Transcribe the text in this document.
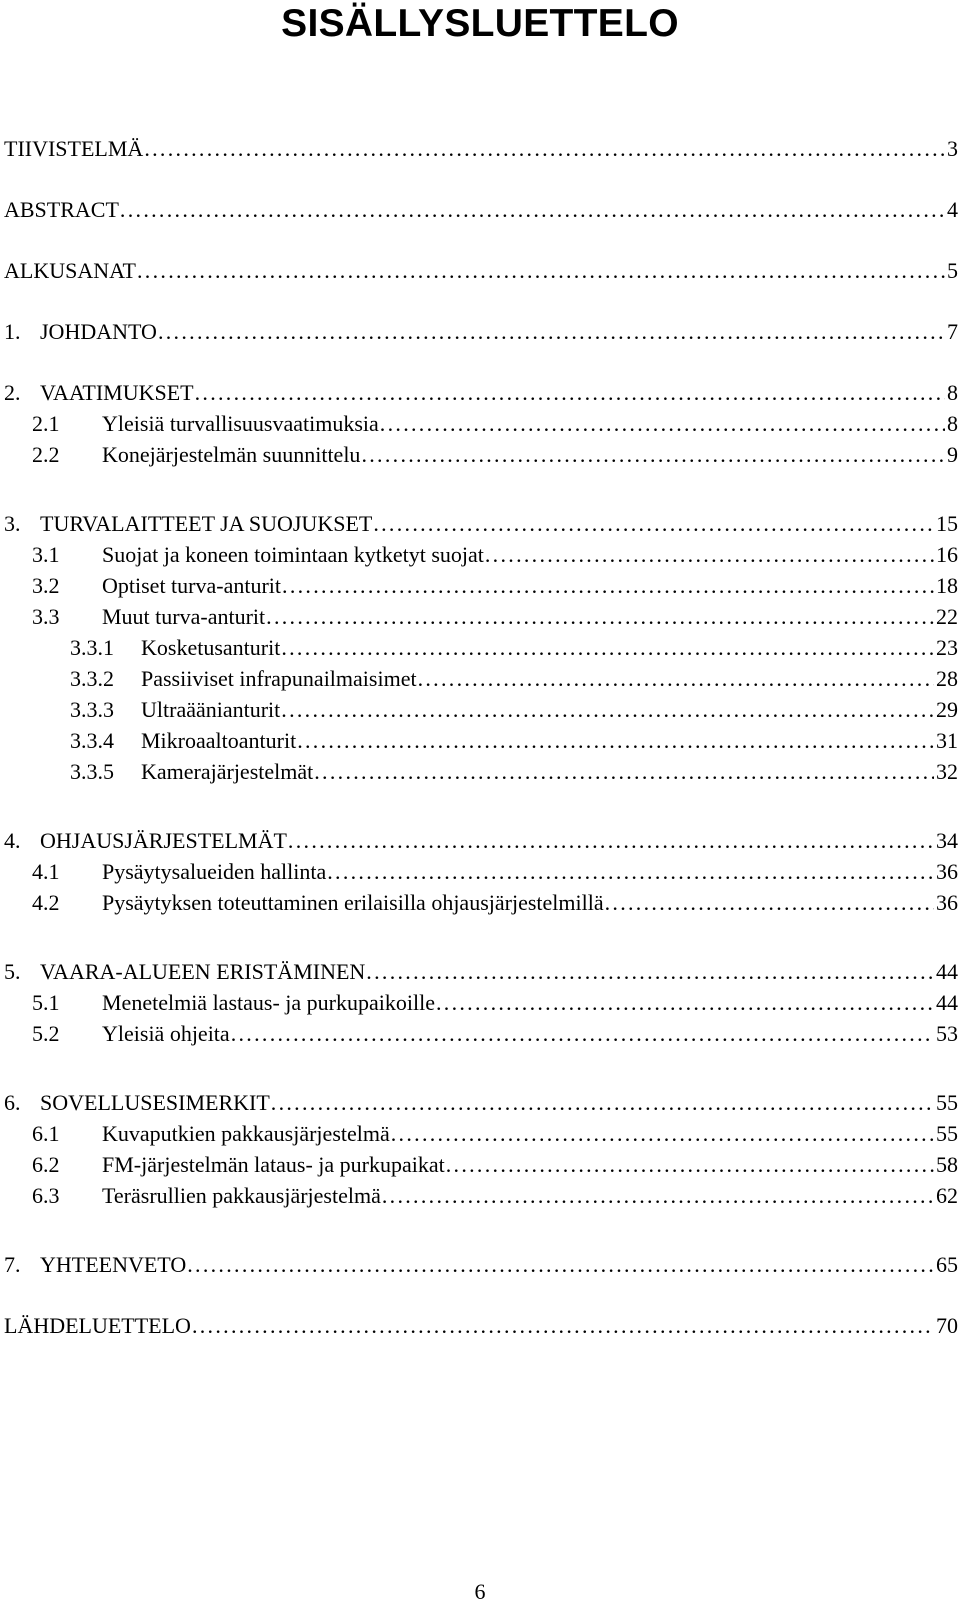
SISÄLLYSLUETTELO
TIIVISTELMÄ . . .	3
ABSTRACT . . .	4
ALKUSANAT . . .	5
1. JOHDANTO . . .	7
2. VAATIMUKSET . . .	8
2.1	Yleisiä turvallisuusvaatimuksia . . .	8
2.2	Konejärjestelmän suunnittelu . . .	9
3. TURVALAITTEET JA SUOJUKSET . . .	15
3.1	Suojat ja koneen toimintaan kytketyt suojat . . .	16
3.2	Optiset turva-anturit . . .	18
3.3	Muut turva-anturit . . .	22
3.3.1	Kosketusanturit . . .	23
3.3.2	Passiiviset infrapunailmaisimet . . .	28
3.3.3	Ultraäänianturit . . .	29
3.3.4	Mikroaaltoanturit . . .	31
3.3.5	Kamerajärjestelmät . . .	32
4. OHJAUSJÄRJESTELMÄT . . .	34
4.1	Pysäytysalueiden hallinta . . .	36
4.2	Pysäytyksen toteuttaminen erilaisilla ohjausjärjestelmillä . . .	36
5. VAARA-ALUEEN ERISTÄMINEN . . .	44
5.1	Menetelmiä lastaus- ja purkupaikoille . . .	44
5.2	Yleisiä ohjeita . . .	53
6. SOVELLUSESIMERKIT . . .	55
6.1	Kuvaputkien pakkausjärjestelmä . . .	55
6.2	FM-järjestelmän lataus- ja purkupaikat . . .	58
6.3	Teräsrullien pakkausjärjestelmä . . .	62
7. YHTEENVETO . . .	65
LÄHDELUETTELO . . .	70
6
